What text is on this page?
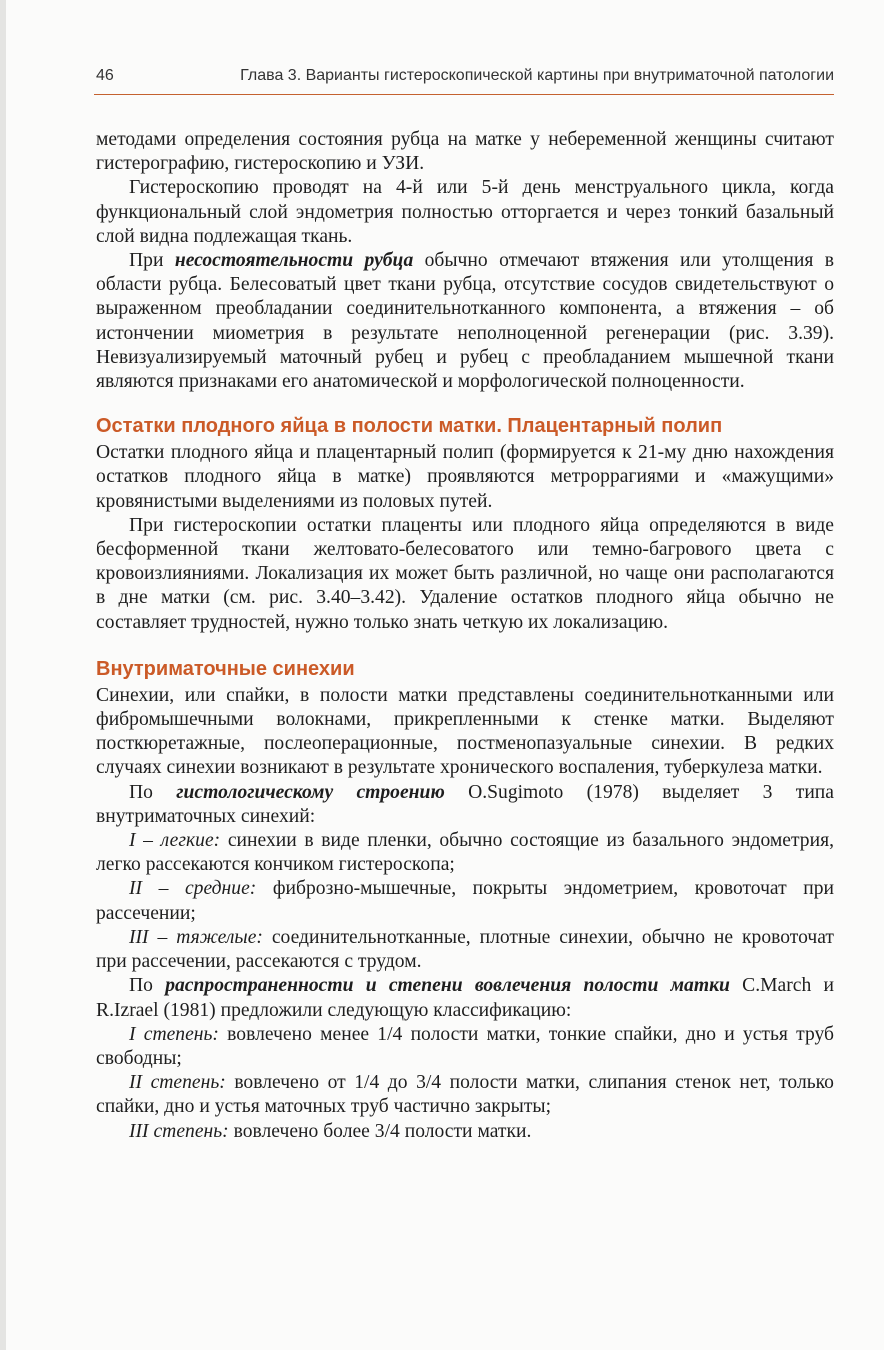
46	Глава 3. Варианты гистероскопической картины при внутриматочной патологии

методами определения состояния рубца на матке у небеременной женщины считают гистерографию, гистероскопию и УЗИ.

Гистероскопию проводят на 4-й или 5-й день менструального цикла, когда функциональный слой эндометрия полностью отторгается и через тонкий базальный слой видна подлежащая ткань.

При несостоятельности рубца обычно отмечают втяжения или утолщения в области рубца. Белесоватый цвет ткани рубца, отсутствие сосудов свидетельствуют о выраженном преобладании соединительнотканного компонента, а втяжения – об истончении миометрия в результате неполноценной регенерации (рис. 3.39). Невизуализируемый маточный рубец и рубец с преобладанием мышечной ткани являются признаками его анатомической и морфологической полноценности.

Остатки плодного яйца в полости матки. Плацентарный полип

Остатки плодного яйца и плацентарный полип (формируется к 21-му дню нахождения остатков плодного яйца в матке) проявляются метроррагиями и «мажущими» кровянистыми выделениями из половых путей.

При гистероскопии остатки плаценты или плодного яйца определяются в виде бесформенной ткани желтовато-белесоватого или темно-багрового цвета с кровоизлияниями. Локализация их может быть различной, но чаще они располагаются в дне матки (см. рис. 3.40–3.42). Удаление остатков плодного яйца обычно не составляет трудностей, нужно только знать четкую их локализацию.

Внутриматочные синехии

Синехии, или спайки, в полости матки представлены соединительнотканными или фибромышечными волокнами, прикрепленными к стенке матки. Выделяют посткюретажные, послеоперационные, постменопазуальные синехии. В редких случаях синехии возникают в результате хронического воспаления, туберкулеза матки.

По гистологическому строению O.Sugimoto (1978) выделяет 3 типа внутриматочных синехий:

I – легкие: синехии в виде пленки, обычно состоящие из базального эндометрия, легко рассекаются кончиком гистероскопа;

II – средние: фиброзно-мышечные, покрыты эндометрием, кровоточат при рассечении;

III – тяжелые: соединительнотканные, плотные синехии, обычно не кровоточат при рассечении, рассекаются с трудом.

По распространенности и степени вовлечения полости матки C.March и R.Izrael (1981) предложили следующую классификацию:

I степень: вовлечено менее 1/4 полости матки, тонкие спайки, дно и устья труб свободны;

II степень: вовлечено от 1/4 до 3/4 полости матки, слипания стенок нет, только спайки, дно и устья маточных труб частично закрыты;

III степень: вовлечено более 3/4 полости матки.
